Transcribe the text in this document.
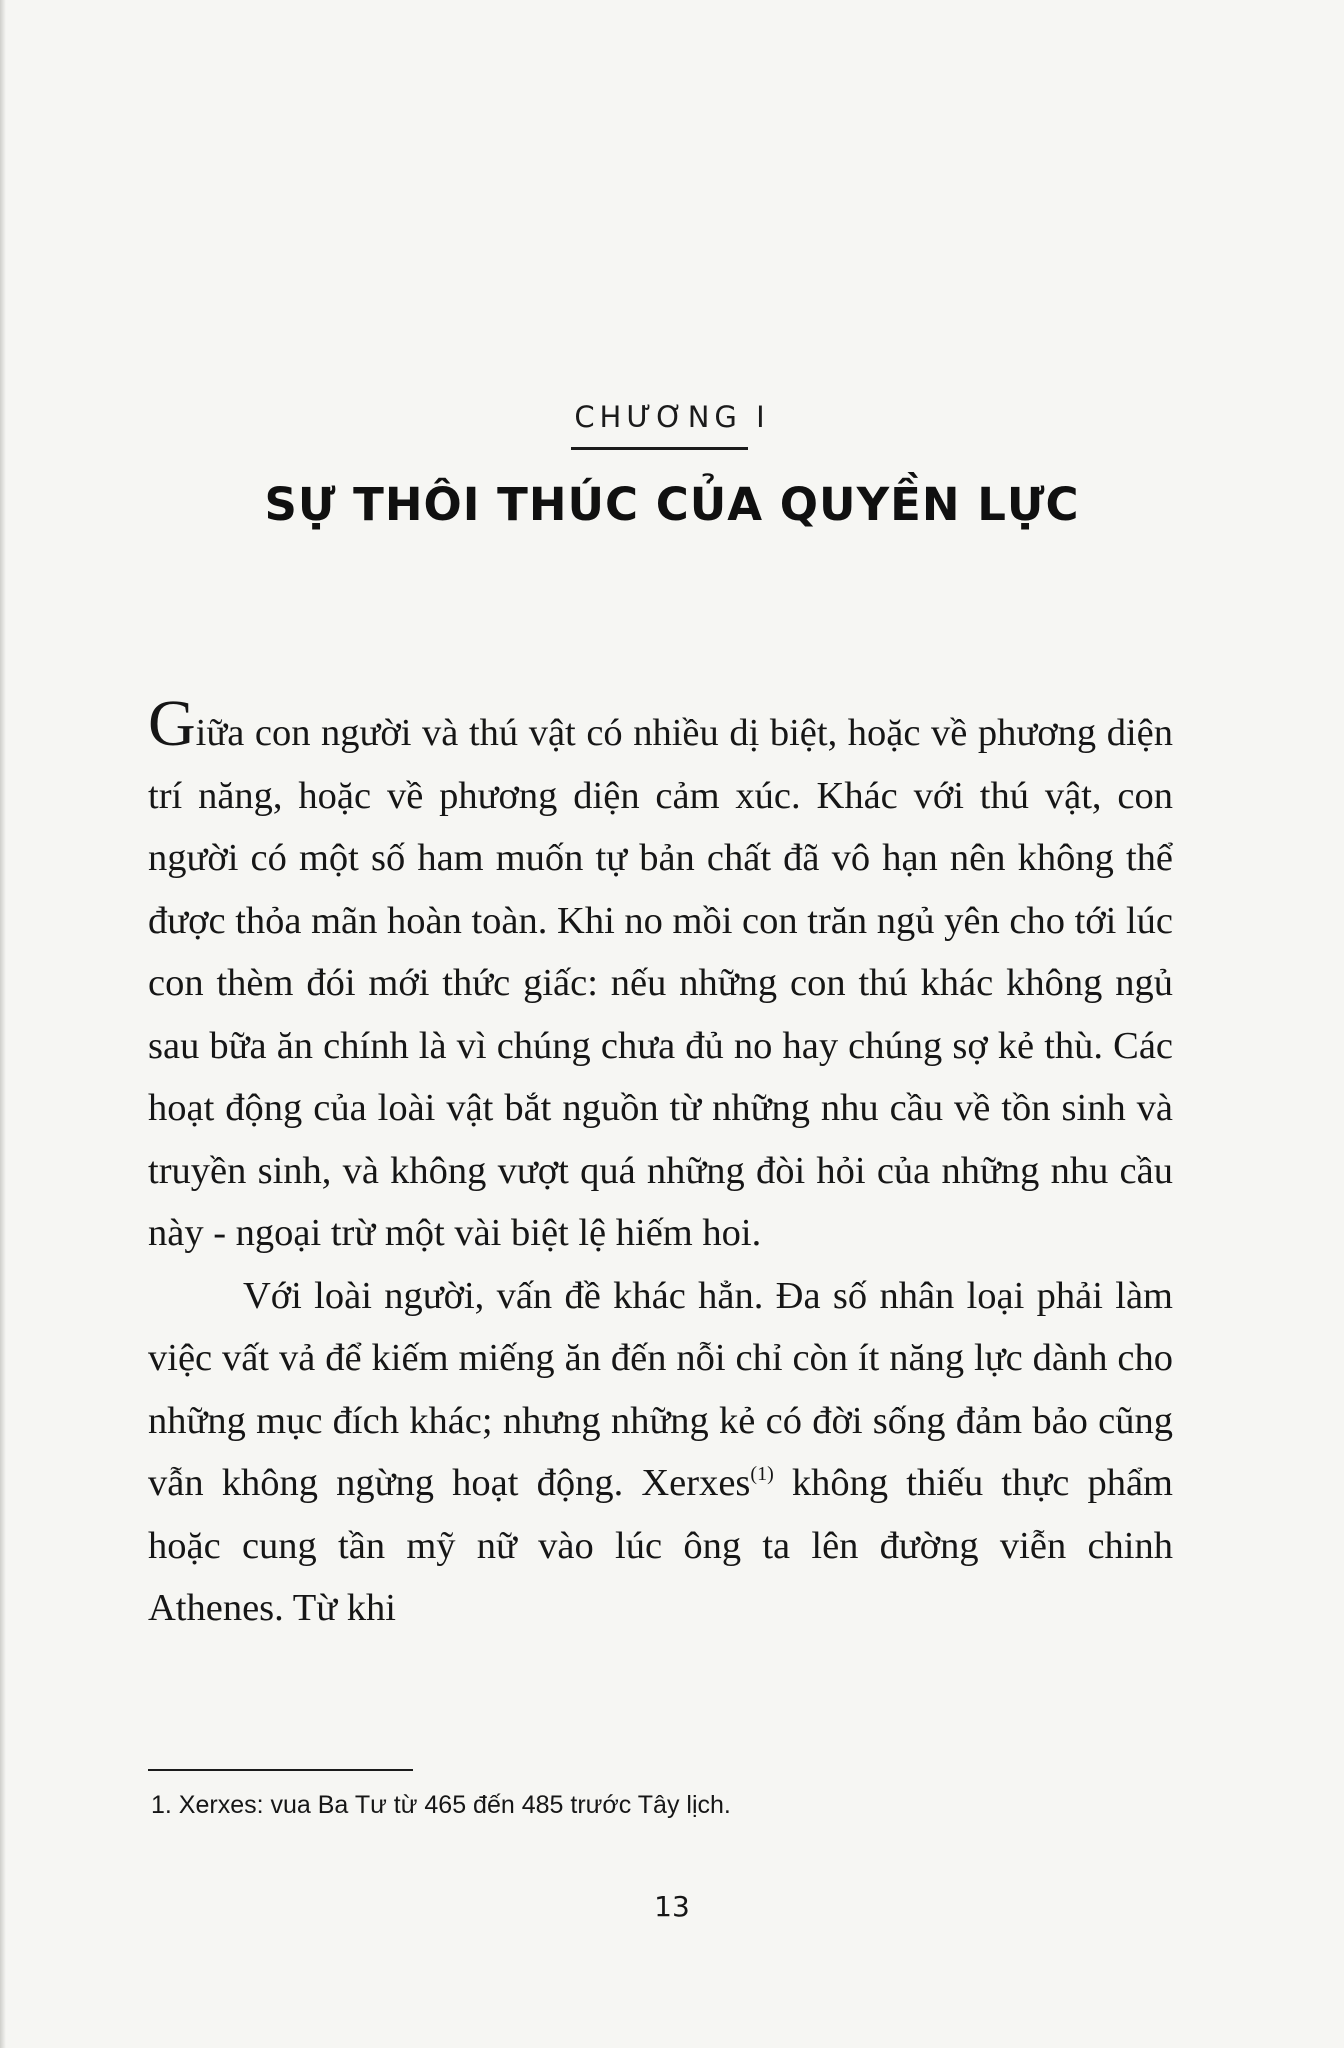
CHƯƠNG I
SỰ THÔI THÚC CỦA QUYỀN LỰC

Giữa con người và thú vật có nhiều dị biệt, hoặc về phương diện trí năng, hoặc về phương diện cảm xúc. Khác với thú vật, con người có một số ham muốn tự bản chất đã vô hạn nên không thể được thỏa mãn hoàn toàn. Khi no mồi con trăn ngủ yên cho tới lúc con thèm đói mới thức giấc: nếu những con thú khác không ngủ sau bữa ăn chính là vì chúng chưa đủ no hay chúng sợ kẻ thù. Các hoạt động của loài vật bắt nguồn từ những nhu cầu về tồn sinh và truyền sinh, và không vượt quá những đòi hỏi của những nhu cầu này - ngoại trừ một vài biệt lệ hiếm hoi.

Với loài người, vấn đề khác hẳn. Đa số nhân loại phải làm việc vất vả để kiếm miếng ăn đến nỗi chỉ còn ít năng lực dành cho những mục đích khác; nhưng những kẻ có đời sống đảm bảo cũng vẫn không ngừng hoạt động. Xerxes$^{(1)}$ không thiếu thực phẩm hoặc cung tần mỹ nữ vào lúc ông ta lên đường viễn chinh Athenes. Từ khi

1. Xerxes: vua Ba Tư từ 465 đến 485 trước Tây lịch.
13
